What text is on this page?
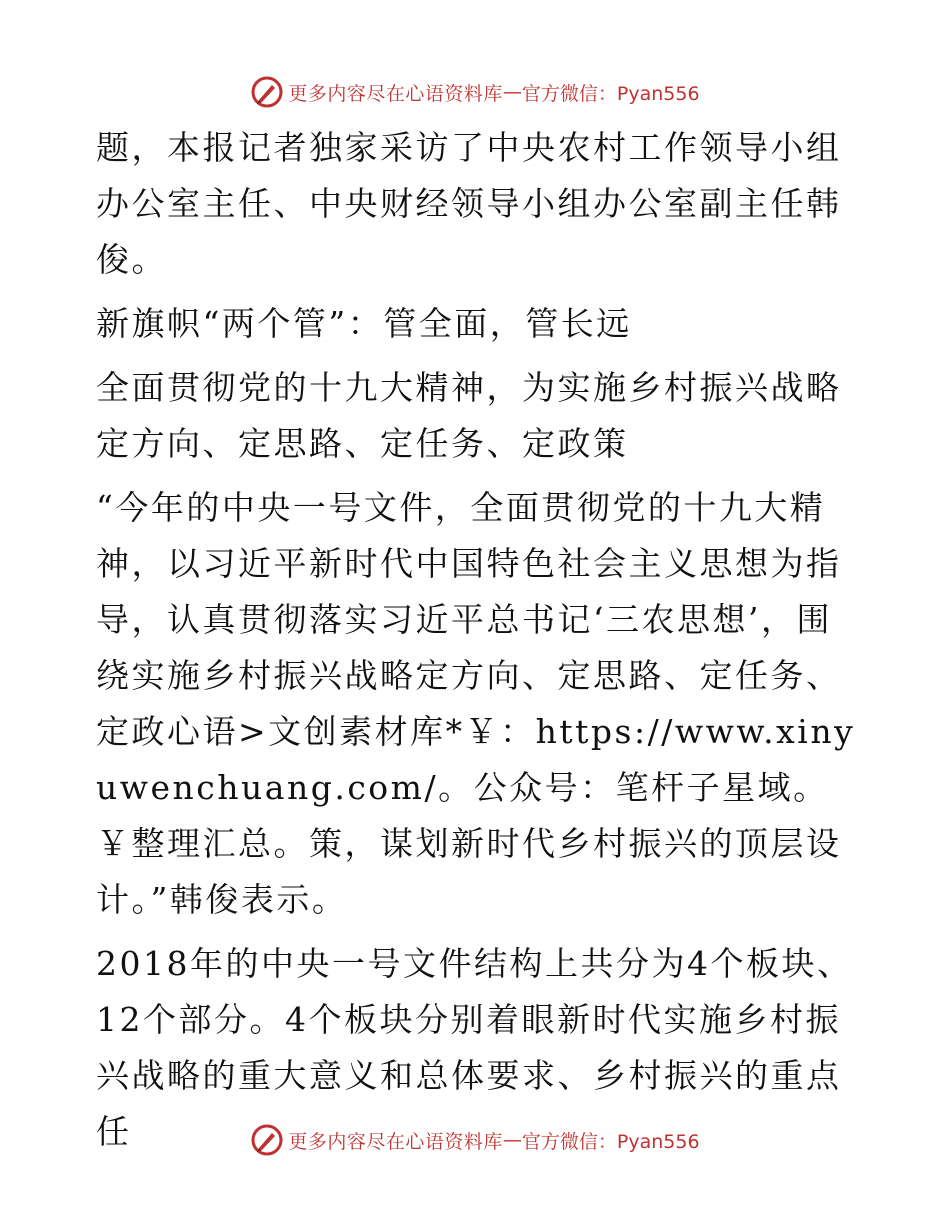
更多内容尽在心语资料库 — 官方微信：Pyan556

题，本报记者独家采访了中央农村工作领导小组办公室主任、中央财经领导小组办公室副主任韩俊。

新旗帜“两个管”：管全面，管长远

全面贯彻党的十九大精神，为实施乡村振兴战略定方向、定思路、定任务、定政策

“今年的中央一号文件，全面贯彻党的十九大精神，以习近平新时代中国特色社会主义思想为指导，认真贯彻落实习近平总书记‘三农思想’，围绕实施乡村振兴战略定方向、定思路、定任务、定政心语>文创素材库*￥：https://www.xinyuwenchuang.com/。公众号：笔杆子星域。￥整理汇总。策，谋划新时代乡村振兴的顶层设计。”韩俊表示。

2018年的中央一号文件结构上共分为4个板块、12个部分。4个板块分别着眼新时代实施乡村振兴战略的重大意义和总体要求、乡村振兴的重点任	更多内容尽在心语资料库 — 官方微信：Pyan556
